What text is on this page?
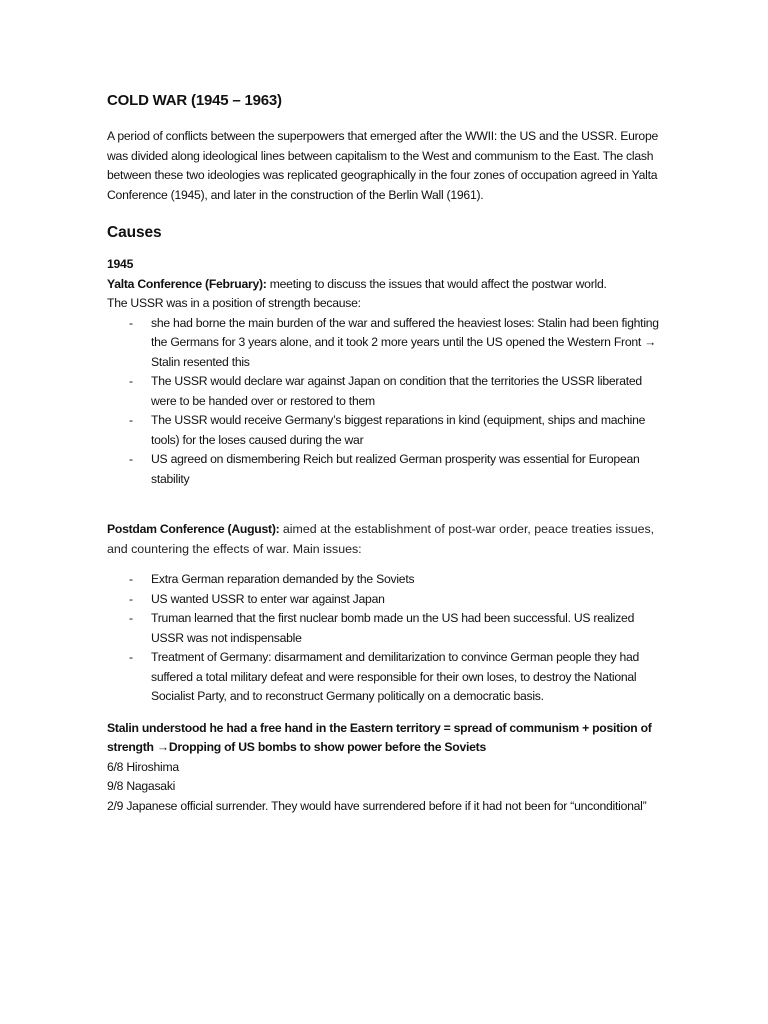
COLD WAR (1945 – 1963)

A period of conflicts between the superpowers that emerged after the WWII: the US and the USSR. Europe was divided along ideological lines between capitalism to the West and communism to the East. The clash between these two ideologies was replicated geographically in the four zones of occupation agreed in Yalta Conference (1945), and later in the construction of the Berlin Wall (1961).

Causes

1945

Yalta Conference (February): meeting to discuss the issues that would affect the postwar world.
The USSR was in a position of strength because:

- she had borne the main burden of the war and suffered the heaviest loses: Stalin had been fighting the Germans for 3 years alone, and it took 2 more years until the US opened the Western Front → Stalin resented this
- The USSR would declare war against Japan on condition that the territories the USSR liberated were to be handed over or restored to them
- The USSR would receive Germany’s biggest reparations in kind (equipment, ships and machine tools) for the loses caused during the war
- US agreed on dismembering Reich but realized German prosperity was essential for European stability

Postdam Conference (August): aimed at the establishment of post-war order, peace treaties issues, and countering the effects of war. Main issues:

- Extra German reparation demanded by the Soviets
- US wanted USSR to enter war against Japan
- Truman learned that the first nuclear bomb made un the US had been successful. US realized USSR was not indispensable
- Treatment of Germany: disarmament and demilitarization to convince German people they had suffered a total military defeat and were responsible for their own loses, to destroy the National Socialist Party, and to reconstruct Germany politically on a democratic basis.

Stalin understood he had a free hand in the Eastern territory = spread of communism + position of strength →Dropping of US bombs to show power before the Soviets

6/8 Hiroshima

9/8 Nagasaki

2/9 Japanese official surrender. They would have surrendered before if it had not been for “unconditional”
